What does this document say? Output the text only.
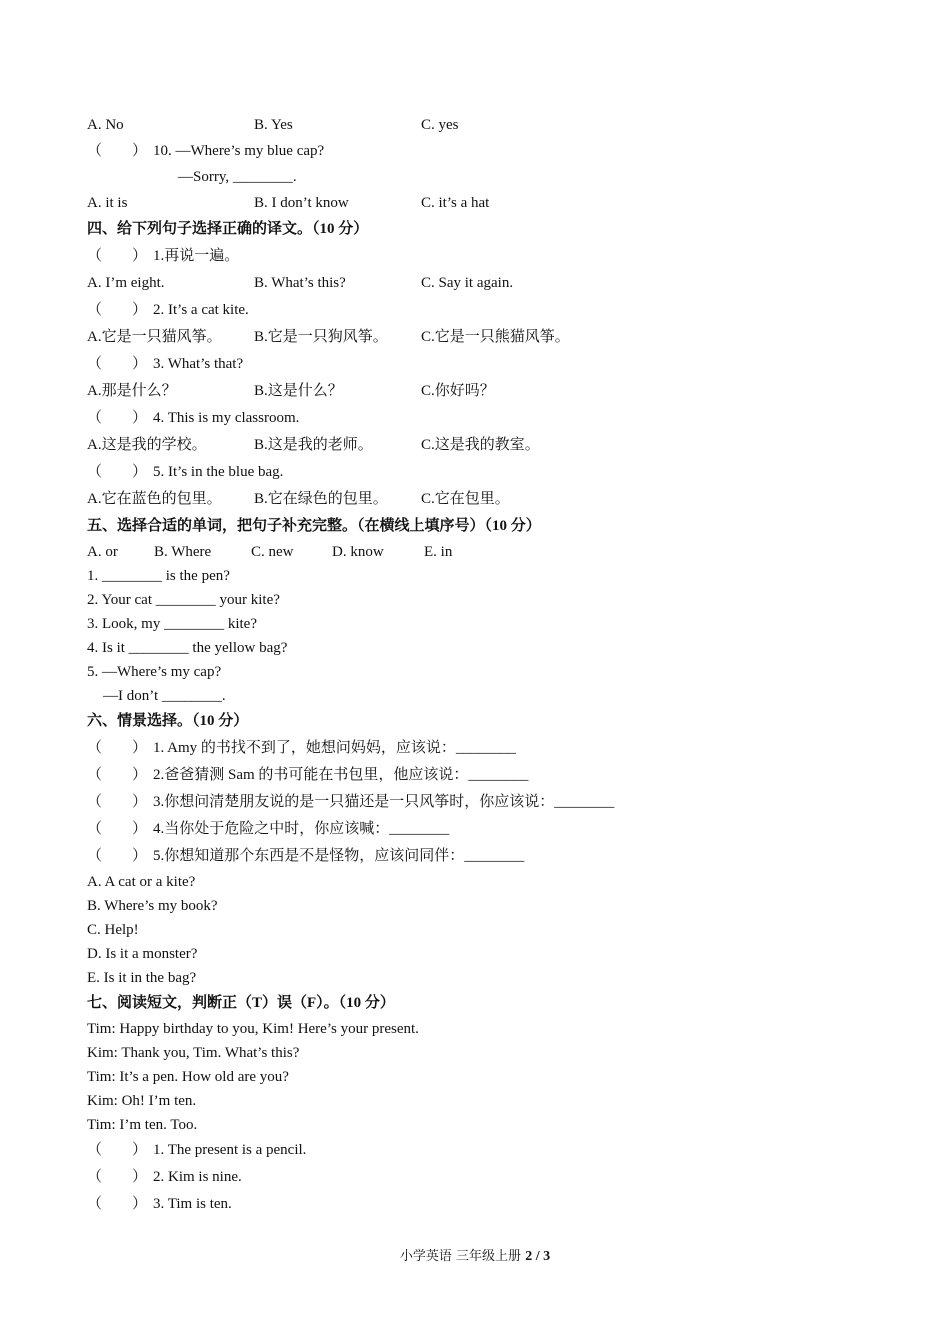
A. No	B. Yes	C. yes
（　　） 10. —Where’s my blue cap?
—Sorry, ________.
A. it is	B. I don’t know	C. it’s a hat
四、给下列句子选择正确的译文。（10 分）
（　　） 1.再说一遍。
A. I’m eight.	B. What’s this?	C. Say it again.
（　　） 2. It’s a cat kite.
A.它是一只猫风筝。 B.它是一只狗风筝。 C.它是一只熊猫风筝。
（　　） 3. What’s that?
A.那是什么？	B.这是什么？	C.你好吗？
（　　） 4. This is my classroom.
A.这是我的学校。	B.这是我的老师。	C.这是我的教室。
（　　） 5. It’s in the blue bag.
A.它在蓝色的包里。 B.它在绿色的包里。 C.它在包里。
五、选择合适的单词，把句子补充完整。（在横线上填序号）（10 分）
A. or B. Where	C. new	D. know	E. in
1. ________ is the pen?
2. Your cat ________ your kite?
3. Look, my ________ kite?
4. Is it ________ the yellow bag?
5. —Where’s my cap?
—I don’t ________.
六、情景选择。（10 分）
（　　） 1. Amy 的书找不到了，她想问妈妈，应该说：________
（　　） 2.爸爸猜测 Sam 的书可能在书包里，他应该说：________
（　　） 3.你想问清楚朋友说的是一只猫还是一只风筝时，你应该说：________
（　　） 4.当你处于危险之中时，你应该喊：________
（　　） 5.你想知道那个东西是不是怪物，应该问同伴：________
A. A cat or a kite?
B. Where’s my book?
C. Help!
D. Is it a monster?
E. Is it in the bag?
七、阅读短文，判断正（T）误（F）。（10 分）
Tim: Happy birthday to you, Kim! Here’s your present.
Kim: Thank you, Tim. What’s this?
Tim: It’s a pen. How old are you?
Kim: Oh! I’m ten.
Tim: I’m ten. Too.
（　　） 1. The present is a pencil.
（　　） 2. Kim is nine.
（　　） 3. Tim is ten.
小学英语 三年级上册 2 / 3
